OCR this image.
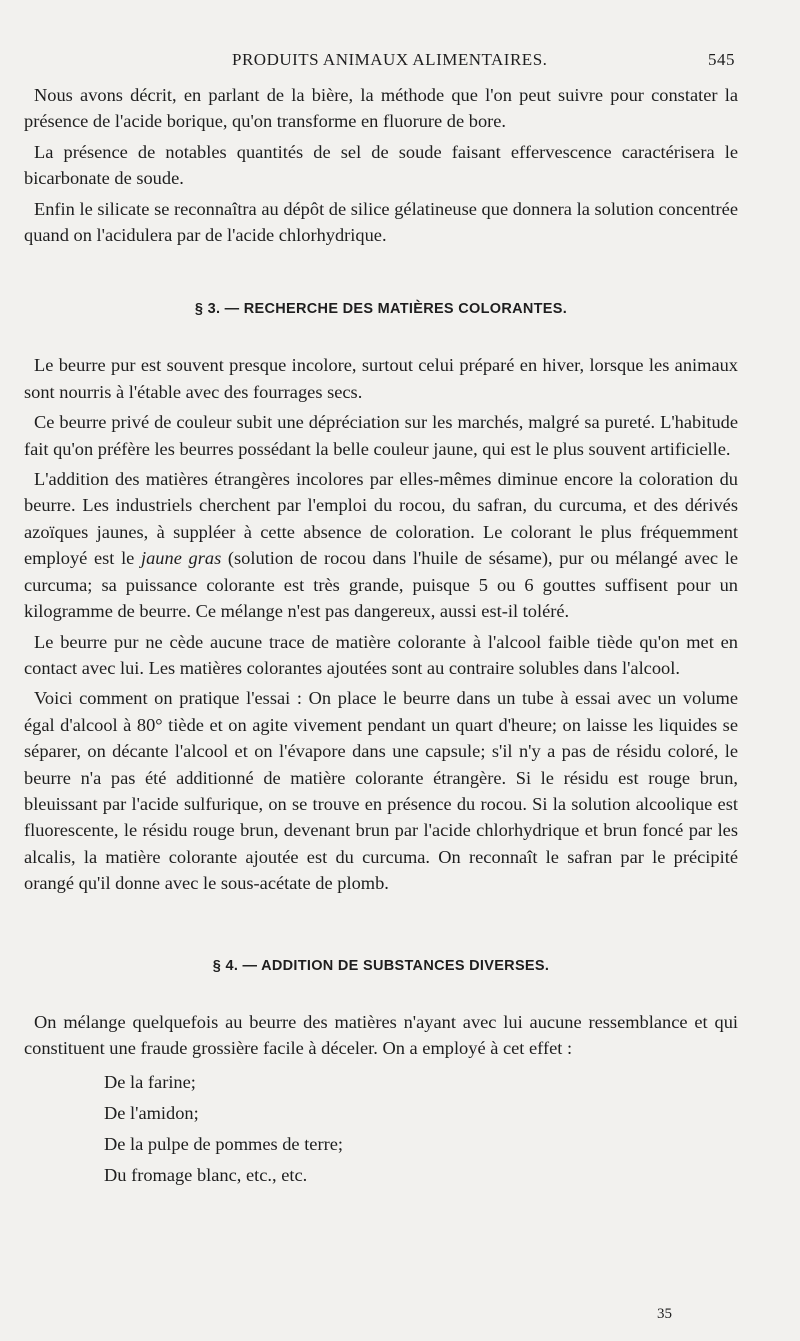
PRODUITS ANIMAUX ALIMENTAIRES.	545

Nous avons décrit, en parlant de la bière, la méthode que l'on peut suivre pour constater la présence de l'acide borique, qu'on transforme en fluorure de bore.

La présence de notables quantités de sel de soude faisant effervescence caractérisera le bicarbonate de soude.

Enfin le silicate se reconnaîtra au dépôt de silice gélatineuse que donnera la solution concentrée quand on l'acidulera par de l'acide chlorhydrique.

§ 3. — RECHERCHE DES MATIÈRES COLORANTES.

Le beurre pur est souvent presque incolore, surtout celui préparé en hiver, lorsque les animaux sont nourris à l'étable avec des fourrages secs.

Ce beurre privé de couleur subit une dépréciation sur les marchés, malgré sa pureté. L'habitude fait qu'on préfère les beurres possédant la belle couleur jaune, qui est le plus souvent artificielle.

L'addition des matières étrangères incolores par elles-mêmes diminue encore la coloration du beurre. Les industriels cherchent par l'emploi du rocou, du safran, du curcuma, et des dérivés azoïques jaunes, à suppléer à cette absence de coloration. Le colorant le plus fréquemment employé est le jaune gras (solution de rocou dans l'huile de sésame), pur ou mélangé avec le curcuma; sa puissance colorante est très grande, puisque 5 ou 6 gouttes suffisent pour un kilogramme de beurre. Ce mélange n'est pas dangereux, aussi est-il toléré.

Le beurre pur ne cède aucune trace de matière colorante à l'alcool faible tiède qu'on met en contact avec lui. Les matières colorantes ajoutées sont au contraire solubles dans l'alcool.

Voici comment on pratique l'essai : On place le beurre dans un tube à essai avec un volume égal d'alcool à 80° tiède et on agite vivement pendant un quart d'heure; on laisse les liquides se séparer, on décante l'alcool et on l'évapore dans une capsule; s'il n'y a pas de résidu coloré, le beurre n'a pas été additionné de matière colorante étrangère. Si le résidu est rouge brun, bleuissant par l'acide sulfurique, on se trouve en présence du rocou. Si la solution alcoolique est fluorescente, le résidu rouge brun, devenant brun par l'acide chlorhydrique et brun foncé par les alcalis, la matière colorante ajoutée est du curcuma. On reconnaît le safran par le précipité orangé qu'il donne avec le sous-acétate de plomb.

§ 4. — ADDITION DE SUBSTANCES DIVERSES.

On mélange quelquefois au beurre des matières n'ayant avec lui aucune ressemblance et qui constituent une fraude grossière facile à déceler. On a employé à cet effet :

De la farine;
De l'amidon;
De la pulpe de pommes de terre;
Du fromage blanc, etc., etc.
35
